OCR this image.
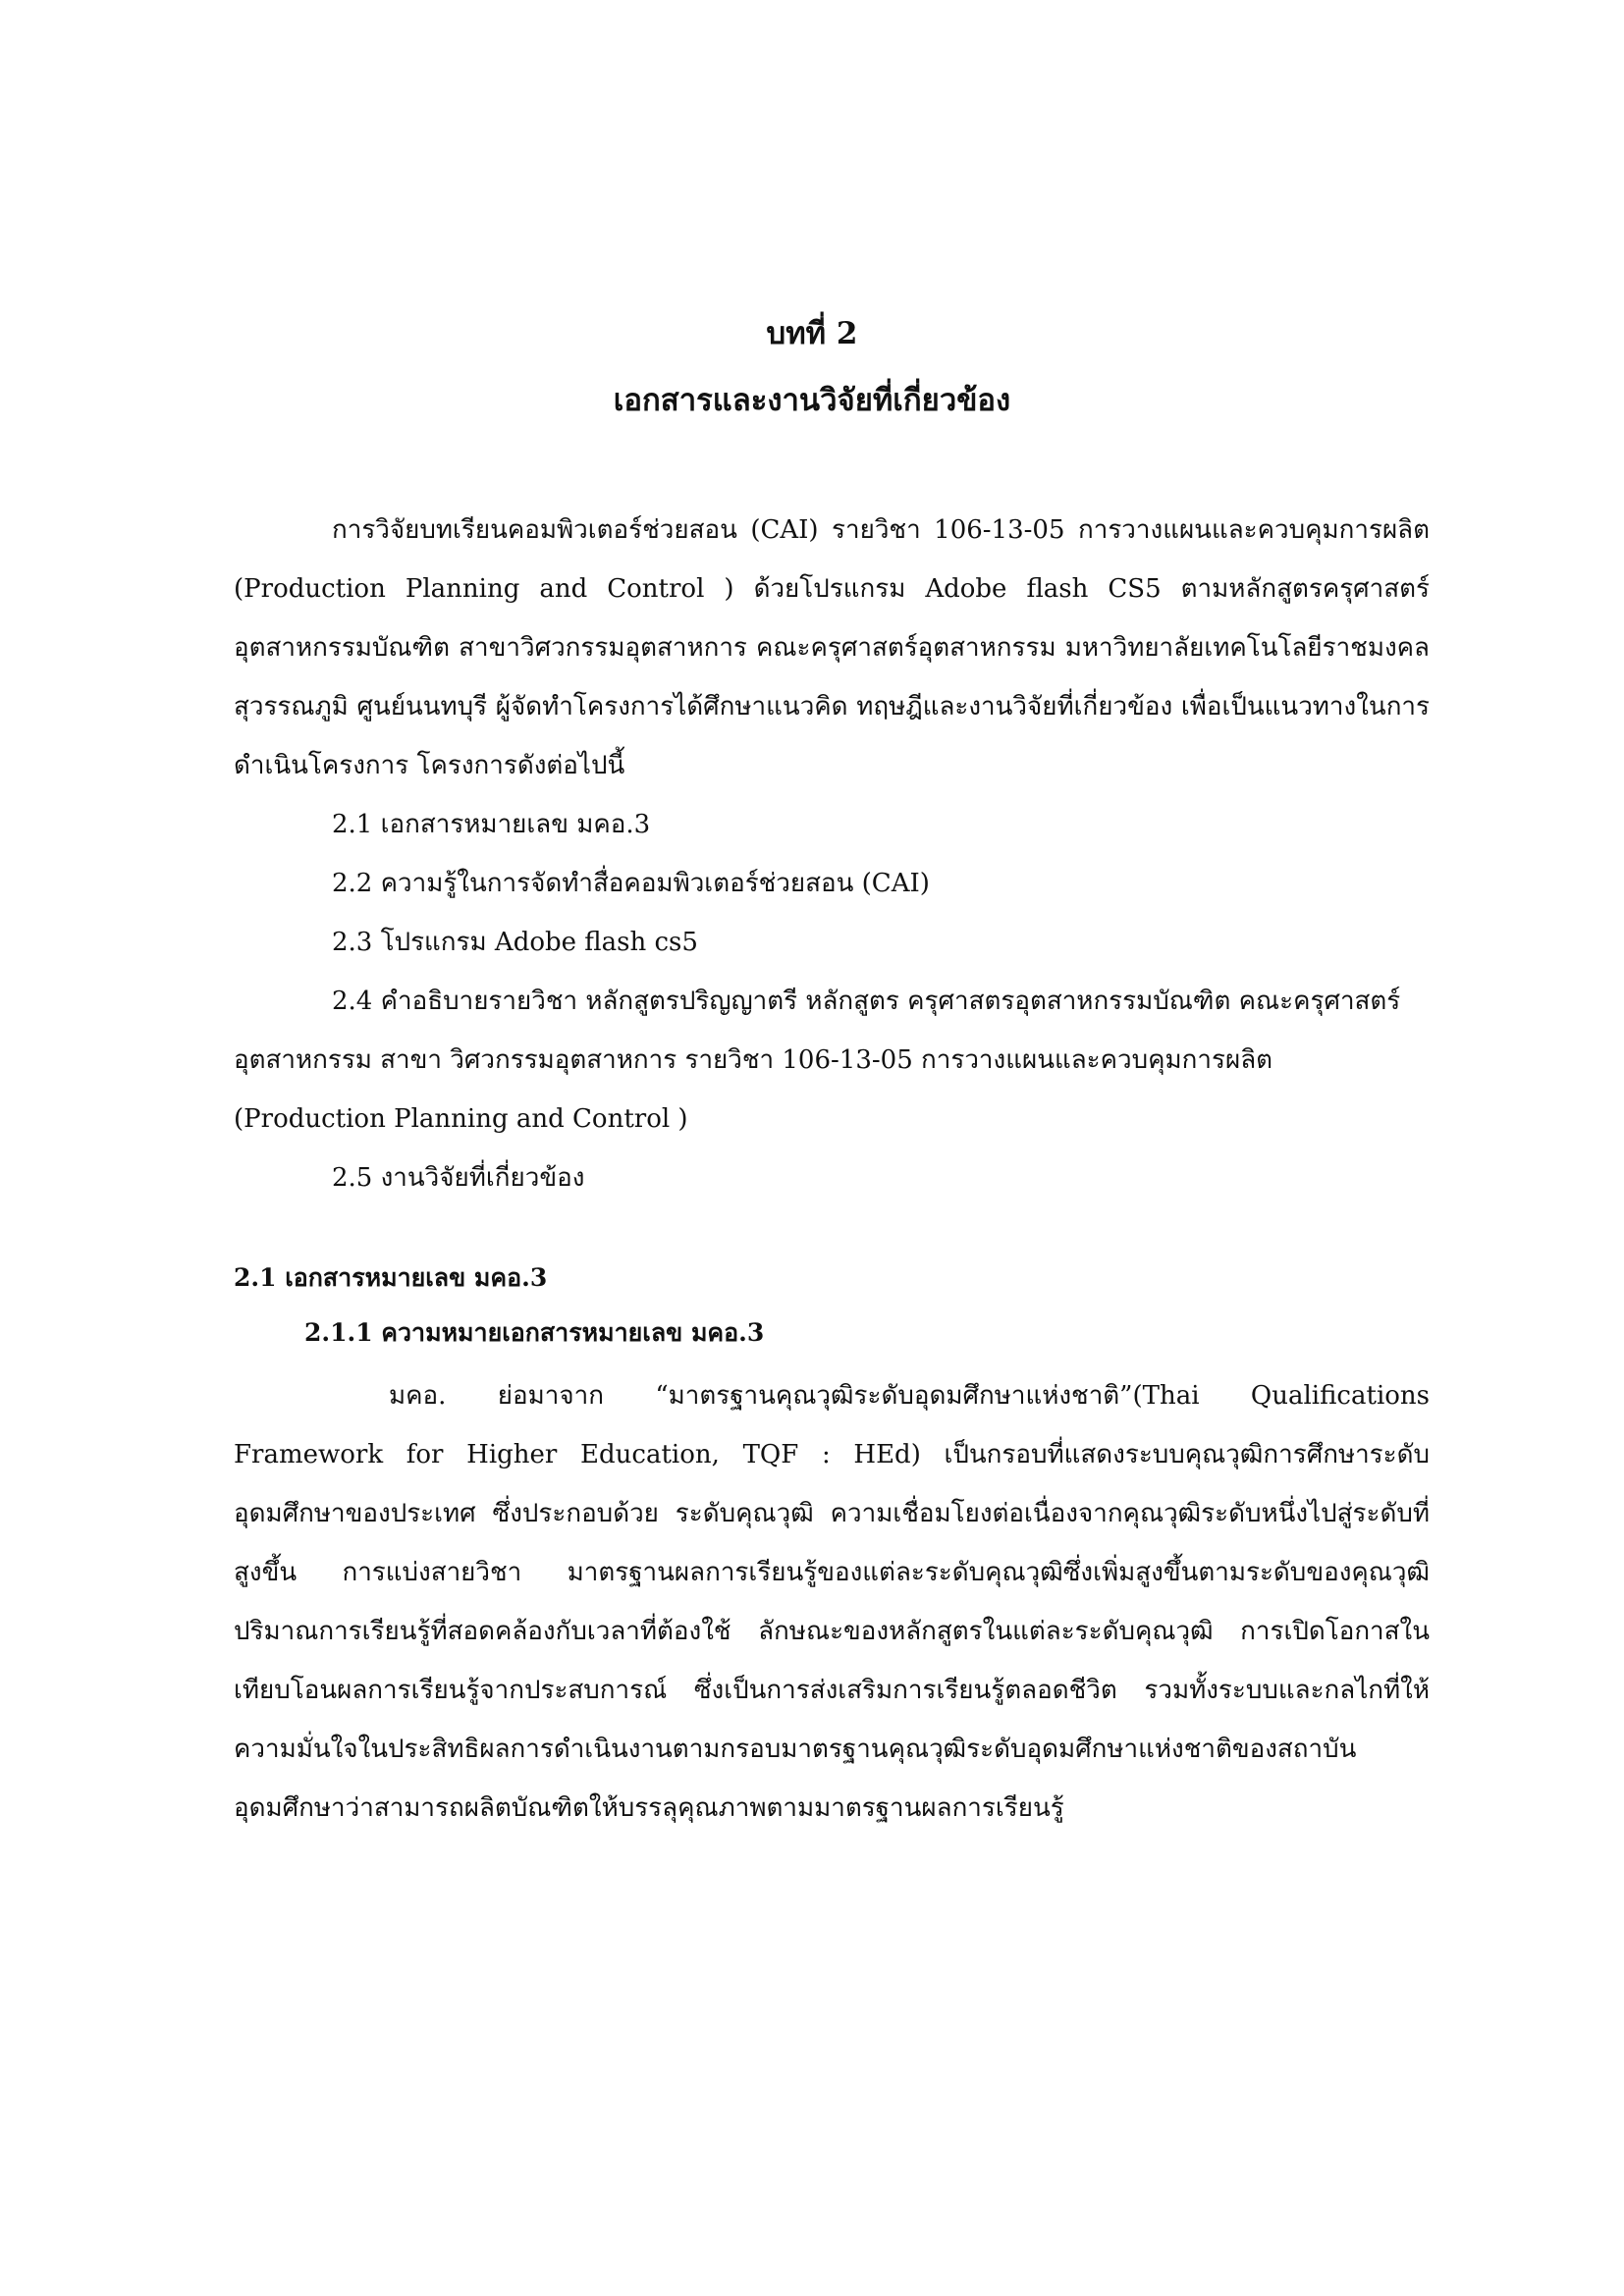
บทที่ 2
เอกสารและงานวิจัยที่เกี่ยวข้อง

การวิจัยบทเรียนคอมพิวเตอร์ช่วยสอน (CAI) รายวิชา 106-13-05 การวางแผนและควบคุมการผลิต (Production Planning and Control ) ด้วยโปรแกรม Adobe flash CS5 ตามหลักสูตรครุศาสตร์อุตสาหกรรมบัณฑิต สาขาวิศวกรรมอุตสาหการ คณะครุศาสตร์อุตสาหกรรม มหาวิทยาลัยเทคโนโลยีราชมงคลสุวรรณภูมิ ศูนย์นนทบุรี ผู้จัดทำโครงการได้ศึกษาแนวคิด ทฤษฎีและงานวิจัยที่เกี่ยวข้อง เพื่อเป็นแนวทางในการดำเนินโครงการ โครงการดังต่อไปนี้

2.1 เอกสารหมายเลข มคอ.3
2.2 ความรู้ในการจัดทำสื่อคอมพิวเตอร์ช่วยสอน (CAI)
2.3 โปรแกรม Adobe flash cs5
2.4 คำอธิบายรายวิชา หลักสูตรปริญญาตรี หลักสูตร ครุศาสตรอุตสาหกรรมบัณฑิต คณะครุศาสตร์อุตสาหกรรม สาขา วิศวกรรมอุตสาหการ รายวิชา 106-13-05 การวางแผนและควบคุมการผลิต (Production Planning and Control )
2.5 งานวิจัยที่เกี่ยวข้อง
2.1 เอกสารหมายเลข มคอ.3
2.1.1 ความหมายเอกสารหมายเลข มคอ.3

มคอ. ย่อมาจาก “มาตรฐานคุณวุฒิระดับอุดมศึกษาแห่งชาติ”(Thai Qualifications Framework for Higher Education, TQF : HEd) เป็นกรอบที่แสดงระบบคุณวุฒิการศึกษาระดับอุดมศึกษาของประเทศ ซึ่งประกอบด้วย ระดับคุณวุฒิ ความเชื่อมโยงต่อเนื่องจากคุณวุฒิระดับหนึ่งไปสู่ระดับที่สูงขึ้น การแบ่งสายวิชา มาตรฐานผลการเรียนรู้ของแต่ละระดับคุณวุฒิซึ่งเพิ่มสูงขึ้นตามระดับของคุณวุฒิ ปริมาณการเรียนรู้ที่สอดคล้องกับเวลาที่ต้องใช้ ลักษณะของหลักสูตรในแต่ละระดับคุณวุฒิ การเปิดโอกาสในเทียบโอนผลการเรียนรู้จากประสบการณ์ ซึ่งเป็นการส่งเสริมการเรียนรู้ตลอดชีวิต รวมทั้งระบบและกลไกที่ให้ความมั่นใจในประสิทธิผลการดำเนินงานตามกรอบมาตรฐานคุณวุฒิระดับอุดมศึกษาแห่งชาติของสถาบันอุดมศึกษาว่าสามารถผลิตบัณฑิตให้บรรลุคุณภาพตามมาตรฐานผลการเรียนรู้
